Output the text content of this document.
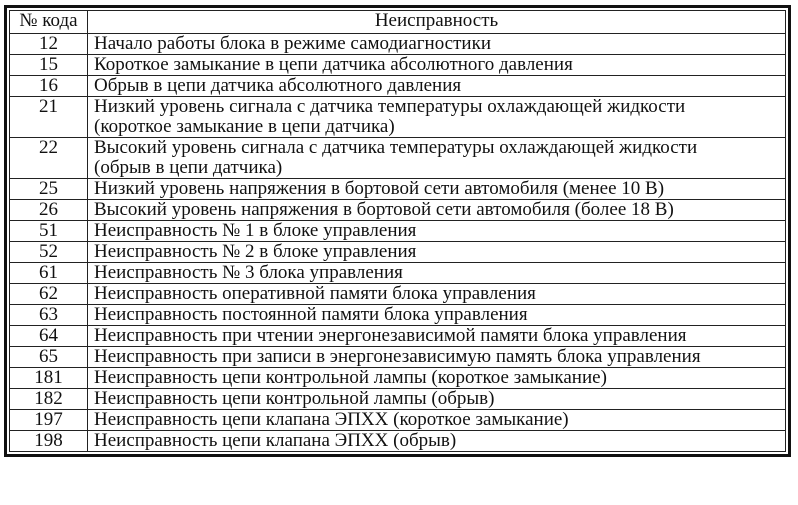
№ кода	Неисправность
12	Начало работы блока в режиме самодиагностики
15	Короткое замыкание в цепи датчика абсолютного давления
16	Обрыв в цепи датчика абсолютного давления
21	Низкий уровень сигнала с датчика температуры охлаждающей жидкости
(короткое замыкание в цепи датчика)
22	Высокий уровень сигнала с датчика температуры охлаждающей жидкости
(обрыв в цепи датчика)
25	Низкий уровень напряжения в бортовой сети автомобиля (менее 10 В)
26	Высокий уровень напряжения в бортовой сети автомобиля (более 18 В)
51	Неисправность № 1 в блоке управления
52	Неисправность № 2 в блоке управления
61	Неисправность № 3 блока управления
62	Неисправность оперативной памяти блока управления
63	Неисправность постоянной памяти блока управления
64	Неисправность при чтении энергонезависимой памяти блока управления
65	Неисправность при записи в энергонезависимую память блока управления
181	Неисправность цепи контрольной лампы (короткое замыкание)
182	Неисправность цепи контрольной лампы (обрыв)
197	Неисправность цепи клапана ЭПХХ (короткое замыкание)
198	Неисправность цепи клапана ЭПХХ (обрыв)
